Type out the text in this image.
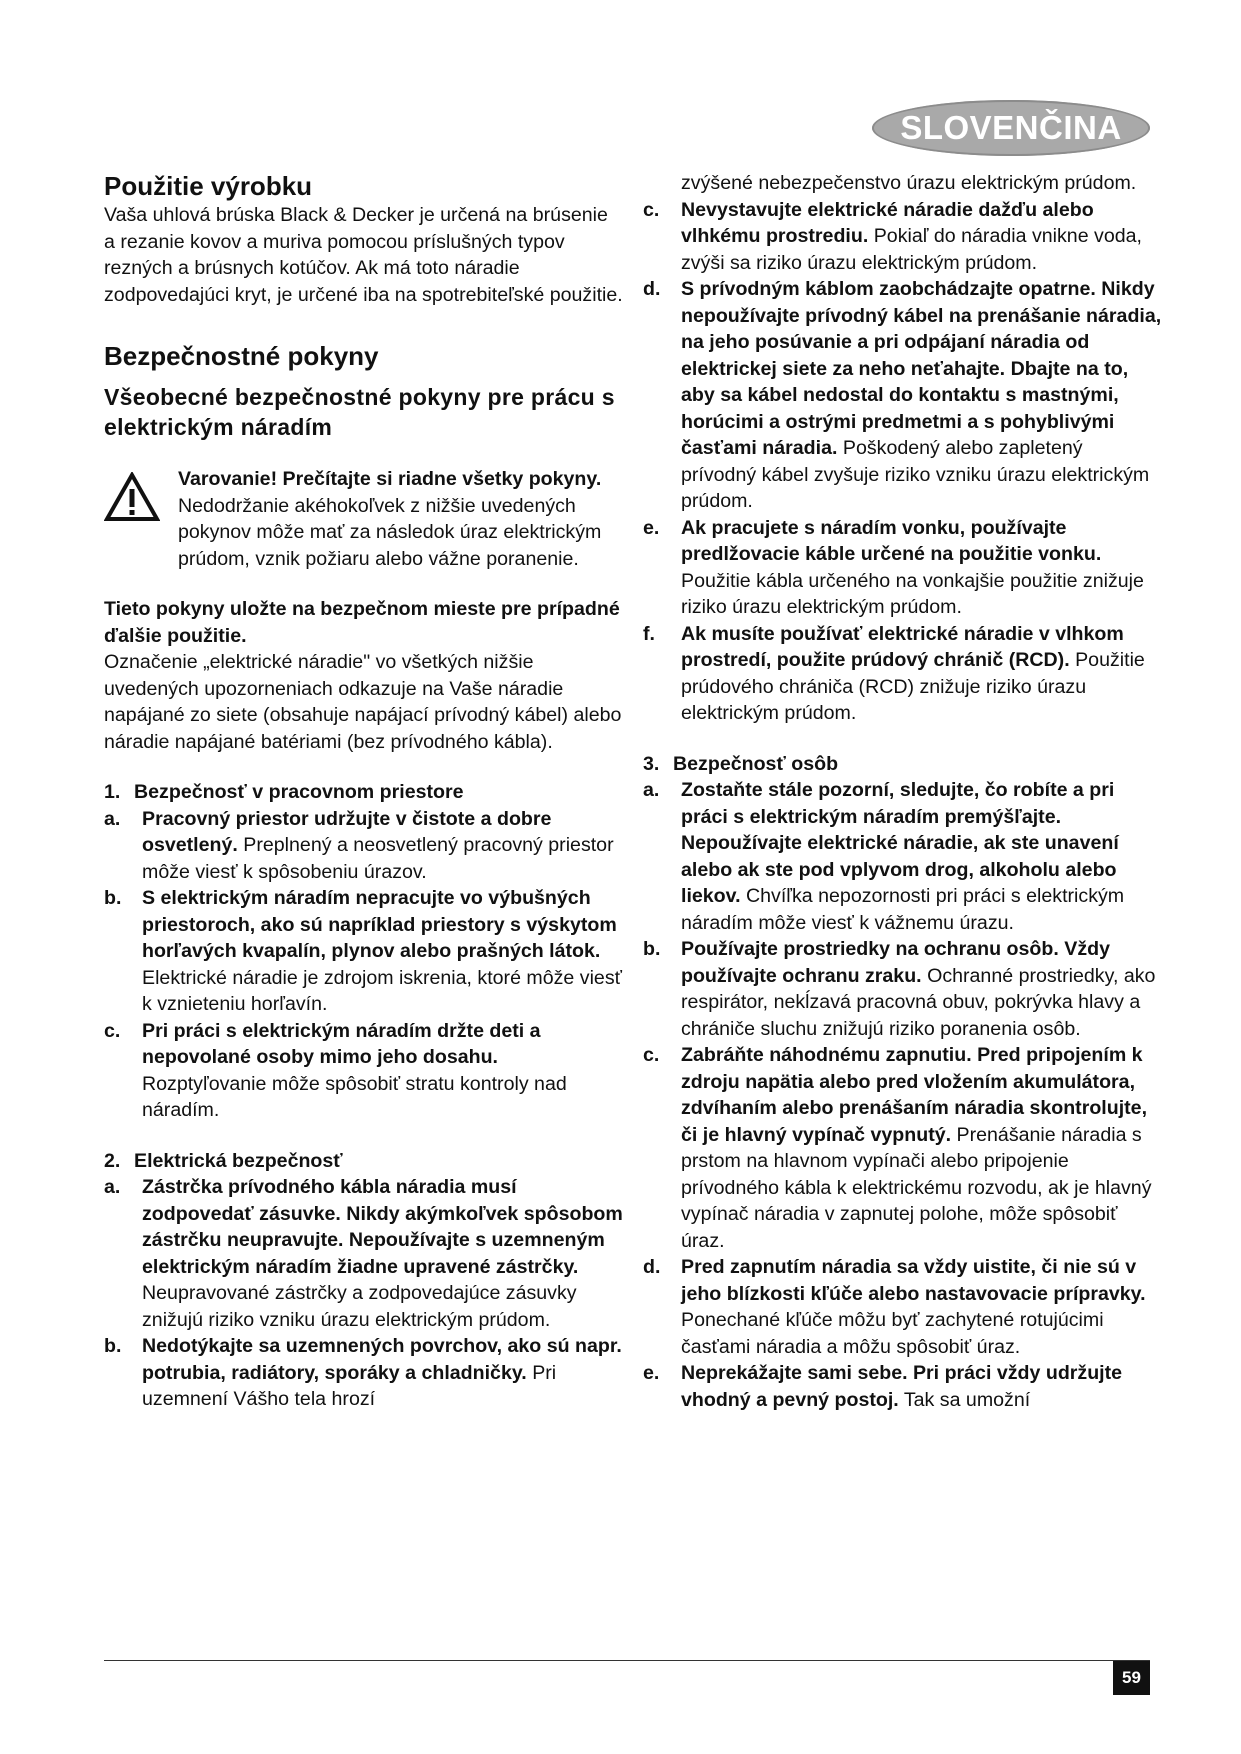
SLOVENČINA
Použitie výrobku

Vaša uhlová brúska Black & Decker je určená na brúsenie a rezanie kovov a muriva pomocou príslušných typov rezných a brúsnych kotúčov. Ak má toto náradie zodpovedajúci kryt, je určené iba na spotrebiteľské použitie.

Bezpečnostné pokyny
Všeobecné bezpečnostné pokyny pre prácu s elektrickým náradím

Varovanie! Prečítajte si riadne všetky pokyny. Nedodržanie akéhokoľvek z nižšie uvedených pokynov môže mať za následok úraz elektrickým prúdom, vznik požiaru alebo vážne poranenie.

Tieto pokyny uložte na bezpečnom mieste pre prípadné ďalšie použitie.

Označenie „elektrické náradie" vo všetkých nižšie uvedených upozorneniach odkazuje na Vaše náradie napájané zo siete (obsahuje napájací prívodný kábel) alebo náradie napájané batériami (bez prívodného kábla).

1. Bezpečnosť v pracovnom priestore
a. Pracovný priestor udržujte v čistote a dobre osvetlený. Preplnený a neosvetlený pracovný priestor môže viesť k spôsobeniu úrazov.
b. S elektrickým náradím nepracujte vo výbušných priestoroch, ako sú napríklad priestory s výskytom horľavých kvapalín, plynov alebo prašných látok. Elektrické náradie je zdrojom iskrenia, ktoré môže viesť k vznieteniu horľavín.
c. Pri práci s elektrickým náradím držte deti a nepovolané osoby mimo jeho dosahu. Rozptyľovanie môže spôsobiť stratu kontroly nad náradím.
2. Elektrická bezpečnosť
a. Zástrčka prívodného kábla náradia musí zodpovedať zásuvke. Nikdy akýmkoľvek spôsobom zástrčku neupravujte. Nepoužívajte s uzemneným elektrickým náradím žiadne upravené zástrčky. Neupravované zástrčky a zodpovedajúce zásuvky znižujú riziko vzniku úrazu elektrickým prúdom.
b. Nedotýkajte sa uzemnených povrchov, ako sú napr. potrubia, radiátory, sporáky a chladničky. Pri uzemnení Vášho tela hrozí

zvýšené nebezpečenstvo úrazu elektrickým prúdom.

c. Nevystavujte elektrické náradie dažďu alebo vlhkému prostrediu. Pokiaľ do náradia vnikne voda, zvýši sa riziko úrazu elektrickým prúdom.
d. S prívodným káblom zaobchádzajte opatrne. Nikdy nepoužívajte prívodný kábel na prenášanie náradia, na jeho posúvanie a pri odpájaní náradia od elektrickej siete za neho neťahajte. Dbajte na to, aby sa kábel nedostal do kontaktu s mastnými, horúcimi a ostrými predmetmi a s pohyblivými časťami náradia. Poškodený alebo zapletený prívodný kábel zvyšuje riziko vzniku úrazu elektrickým prúdom.
e. Ak pracujete s náradím vonku, používajte predlžovacie káble určené na použitie vonku. Použitie kábla určeného na vonkajšie použitie znižuje riziko úrazu elektrickým prúdom.
f. Ak musíte používať elektrické náradie v vlhkom prostredí, použite prúdový chránič (RCD). Použitie prúdového chrániča (RCD) znižuje riziko úrazu elektrickým prúdom.
3. Bezpečnosť osôb
a. Zostaňte stále pozorní, sledujte, čo robíte a pri práci s elektrickým náradím premýšľajte. Nepoužívajte elektrické náradie, ak ste unavení alebo ak ste pod vplyvom drog, alkoholu alebo liekov. Chvíľka nepozornosti pri práci s elektrickým náradím môže viesť k vážnemu úrazu.
b. Používajte prostriedky na ochranu osôb. Vždy používajte ochranu zraku. Ochranné prostriedky, ako respirátor, nekĺzavá pracovná obuv, pokrývka hlavy a chrániče sluchu znižujú riziko poranenia osôb.
c. Zabráňte náhodnému zapnutiu. Pred pripojením k zdroju napätia alebo pred vložením akumulátora, zdvíhaním alebo prenášaním náradia skontrolujte, či je hlavný vypínač vypnutý. Prenášanie náradia s prstom na hlavnom vypínači alebo pripojenie prívodného kábla k elektrickému rozvodu, ak je hlavný vypínač náradia v zapnutej polohe, môže spôsobiť úraz.
d. Pred zapnutím náradia sa vždy uistite, či nie sú v jeho blízkosti kľúče alebo nastavovacie prípravky. Ponechané kľúče môžu byť zachytené rotujúcimi časťami náradia a môžu spôsobiť úraz.
e. Neprekážajte sami sebe. Pri práci vždy udržujte vhodný a pevný postoj. Tak sa umožní
59
